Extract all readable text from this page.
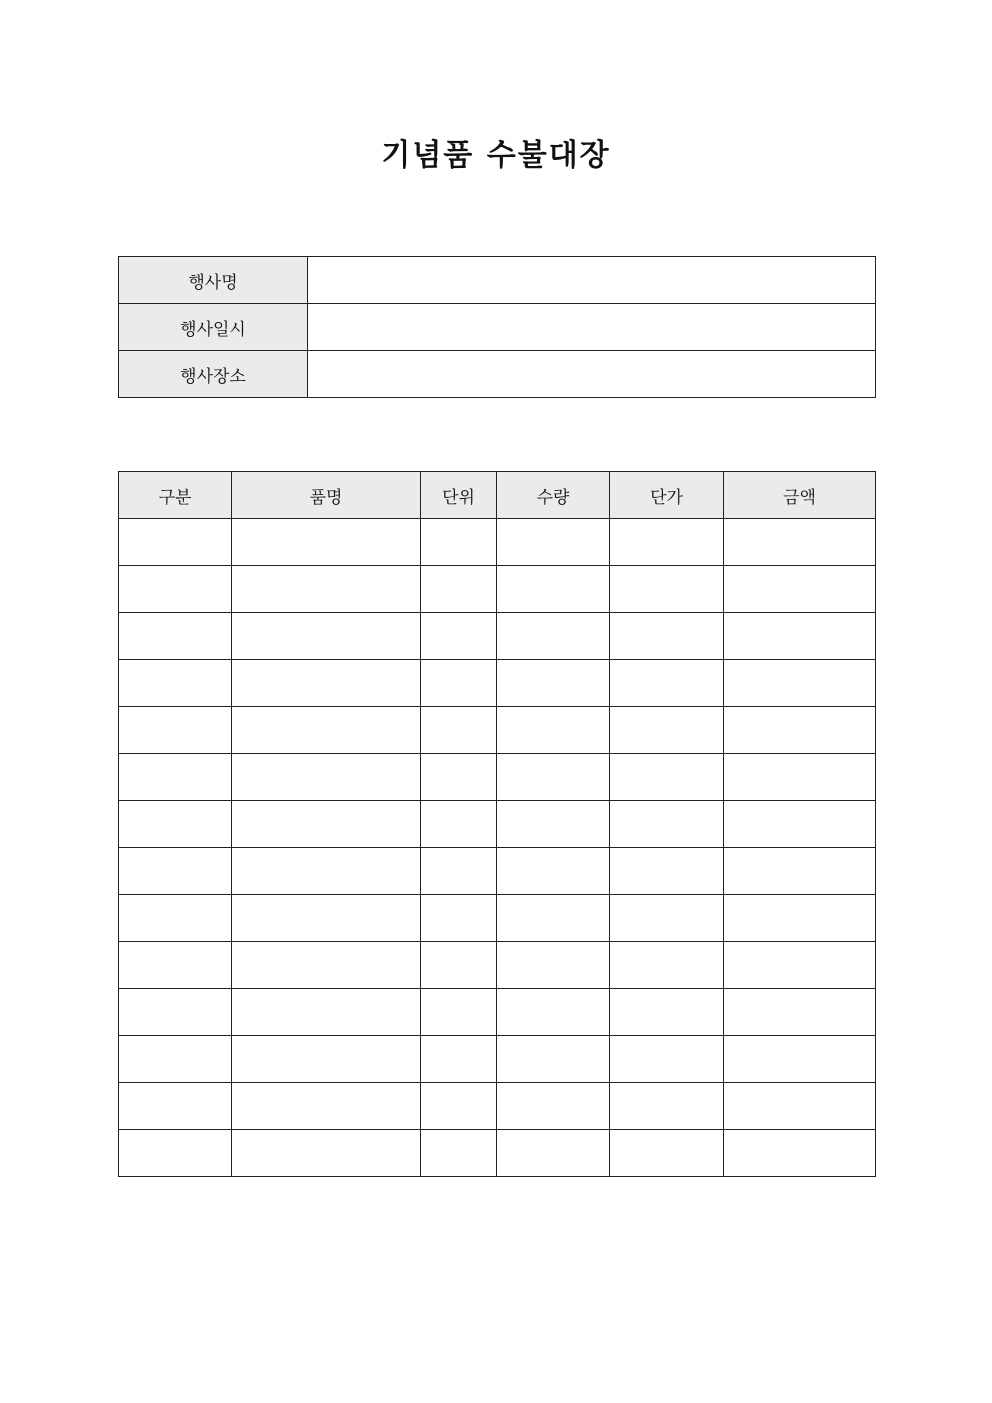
기념품 수불대장
행사명	
행사일시	
행사장소	
구분	품명	단위	수량	단가	금액
